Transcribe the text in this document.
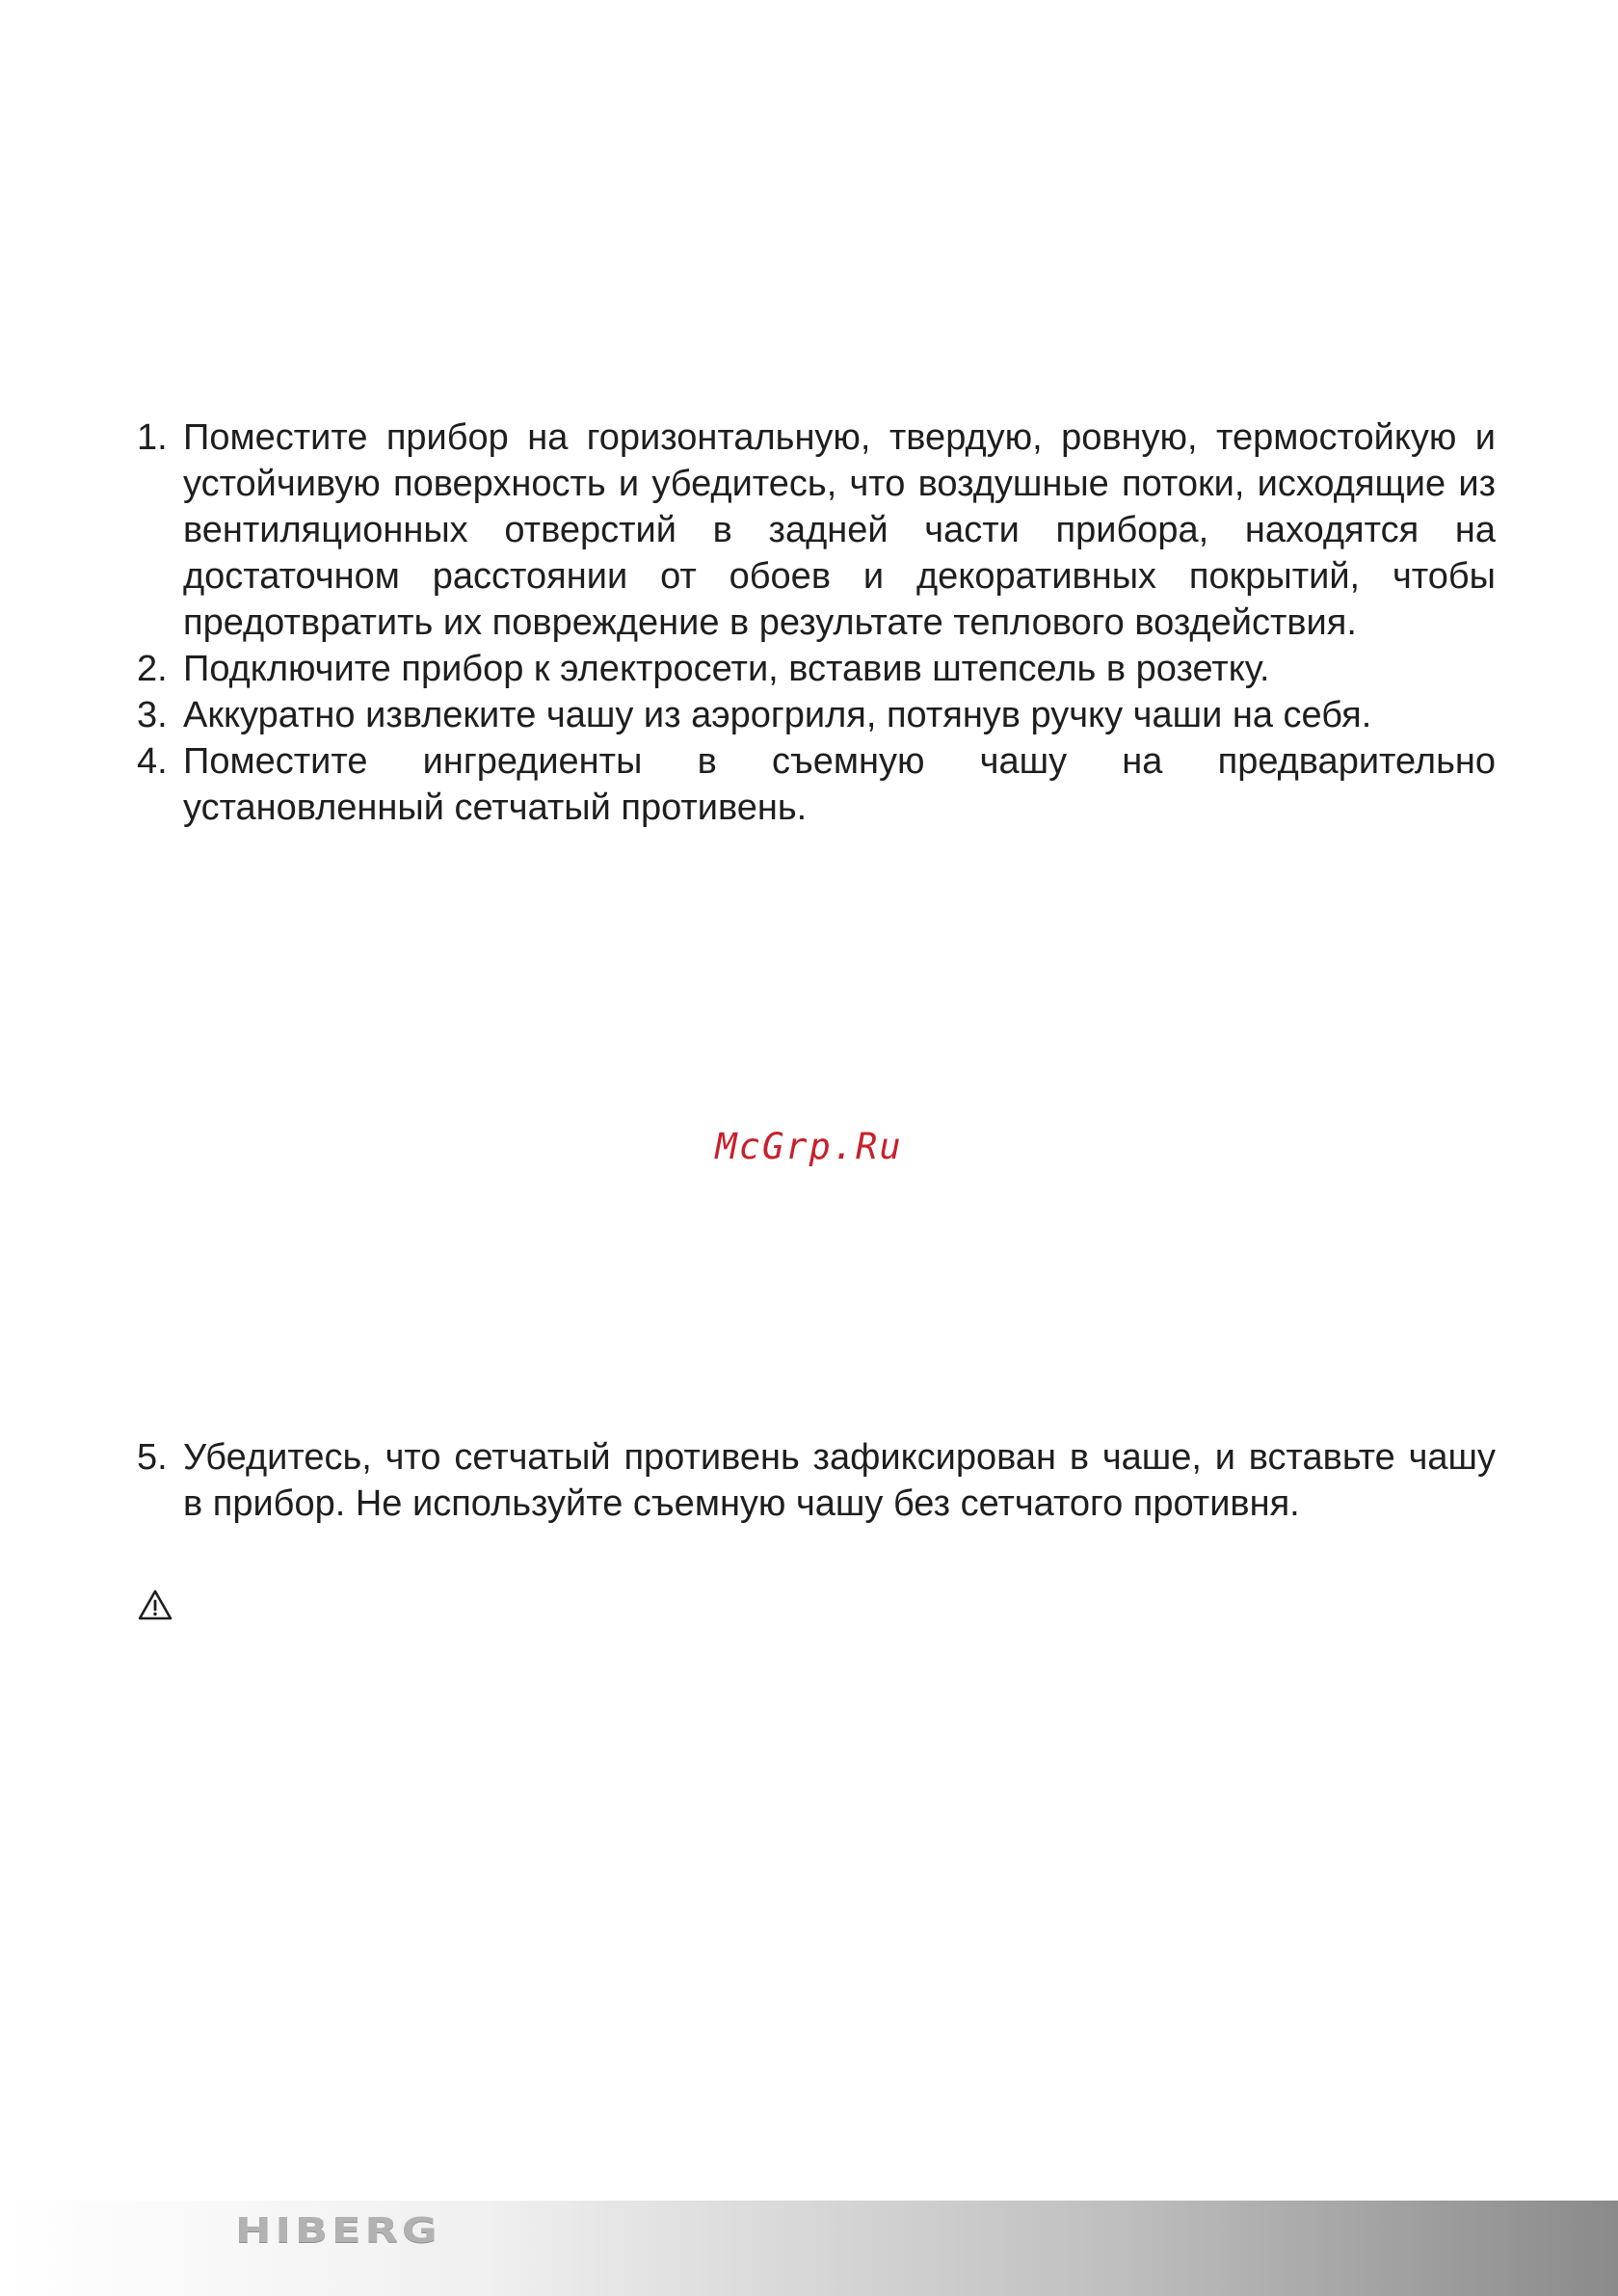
1. Поместите прибор на горизонтальную, твердую, ровную, термостойкую и устойчивую поверхность и убедитесь, что воздушные потоки, исходящие из вентиляционных отверстий в задней части прибора, находятся на достаточном расстоянии от обоев и декоративных покрытий, чтобы предотвратить их повреждение в результате теплового воздействия.
2. Подключите прибор к электросети, вставив штепсель в розетку.
3. Аккуратно извлеките чашу из аэрогриля, потянув ручку чаши на себя.
4. Поместите ингредиенты в съемную чашу на предварительно установленный сетчатый противень.
McGrp.Ru
5. Убедитесь, что сетчатый противень зафиксирован в чаше, и вставьте чашу в прибор. Не используйте съемную чашу без сетчатого противня.
HIBERG
